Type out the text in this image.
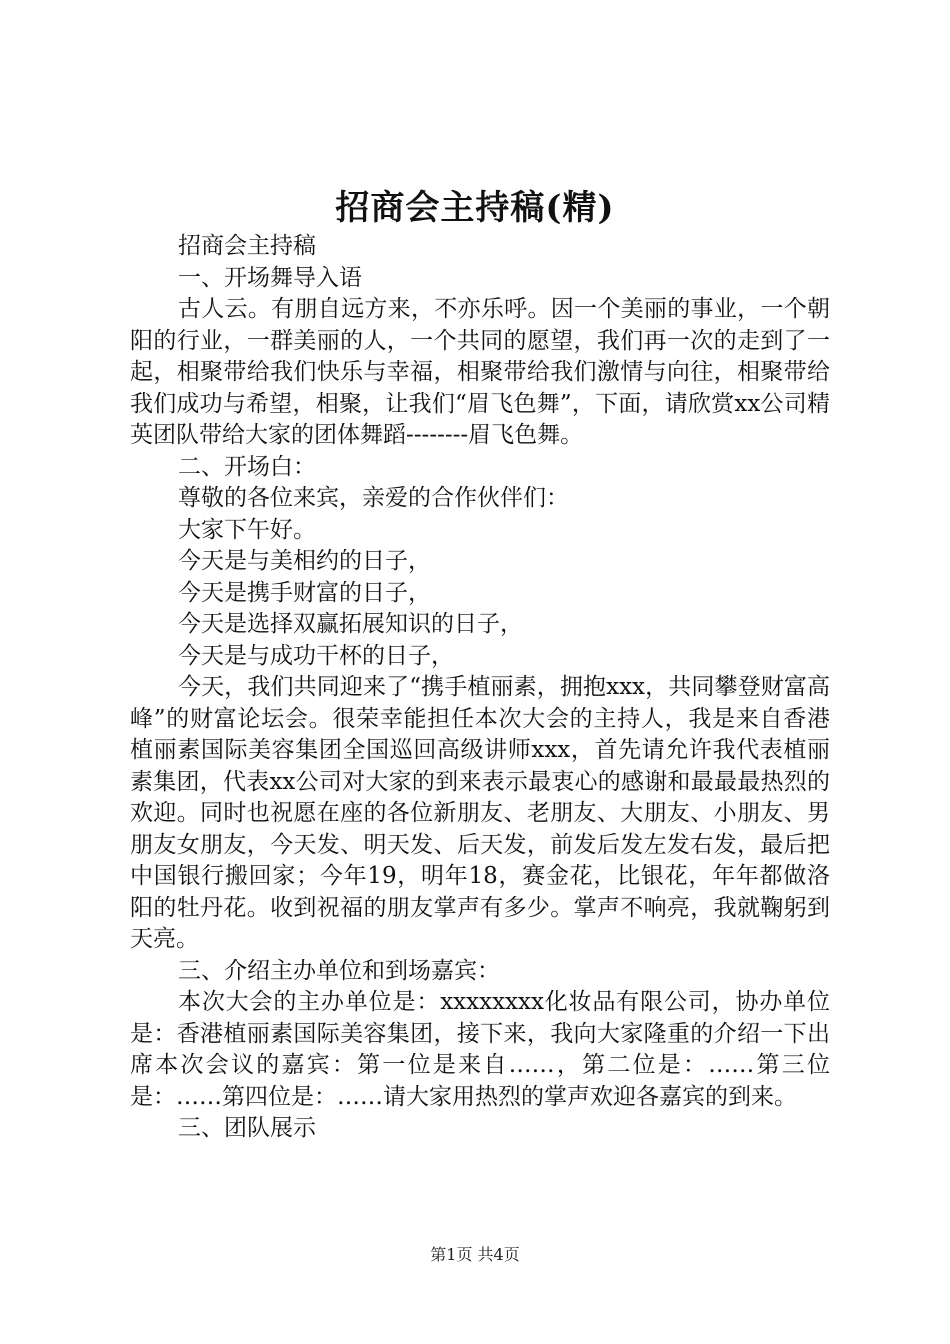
招商会主持稿(精)

招商会主持稿

一、开场舞导入语

古人云。有朋自远方来，不亦乐呼。因一个美丽的事业，一个朝阳的行业，一群美丽的人，一个共同的愿望，我们再一次的走到了一起，相聚带给我们快乐与幸福，相聚带给我们激情与向往，相聚带给我们成功与希望，相聚，让我们“眉飞色舞”，下面，请欣赏xx公司精英团队带给大家的团体舞蹈--------眉飞色舞。

二、开场白：

尊敬的各位来宾，亲爱的合作伙伴们：

大家下午好。

今天是与美相约的日子，

今天是携手财富的日子，

今天是选择双赢拓展知识的日子，

今天是与成功干杯的日子，

今天，我们共同迎来了“携手植丽素，拥抱xxx，共同攀登财富高峰”的财富论坛会。很荣幸能担任本次大会的主持人，我是来自香港植丽素国际美容集团全国巡回高级讲师xxx，首先请允许我代表植丽素集团，代表xx公司对大家的到来表示最衷心的感谢和最最最热烈的欢迎。同时也祝愿在座的各位新朋友、老朋友、大朋友、小朋友、男朋友女朋友，今天发、明天发、后天发，前发后发左发右发，最后把中国银行搬回家；今年19，明年18，赛金花，比银花，年年都做洛阳的牡丹花。收到祝福的朋友掌声有多少。掌声不响亮，我就鞠躬到天亮。

三、介绍主办单位和到场嘉宾：

本次大会的主办单位是：xxxxxxxx化妆品有限公司，协办单位是：香港植丽素国际美容集团，接下来，我向大家隆重的介绍一下出席本次会议的嘉宾：第一位是来自……，第二位是：……第三位是：……第四位是：……请大家用热烈的掌声欢迎各嘉宾的到来。

三、团队展示

第1页 共4页
